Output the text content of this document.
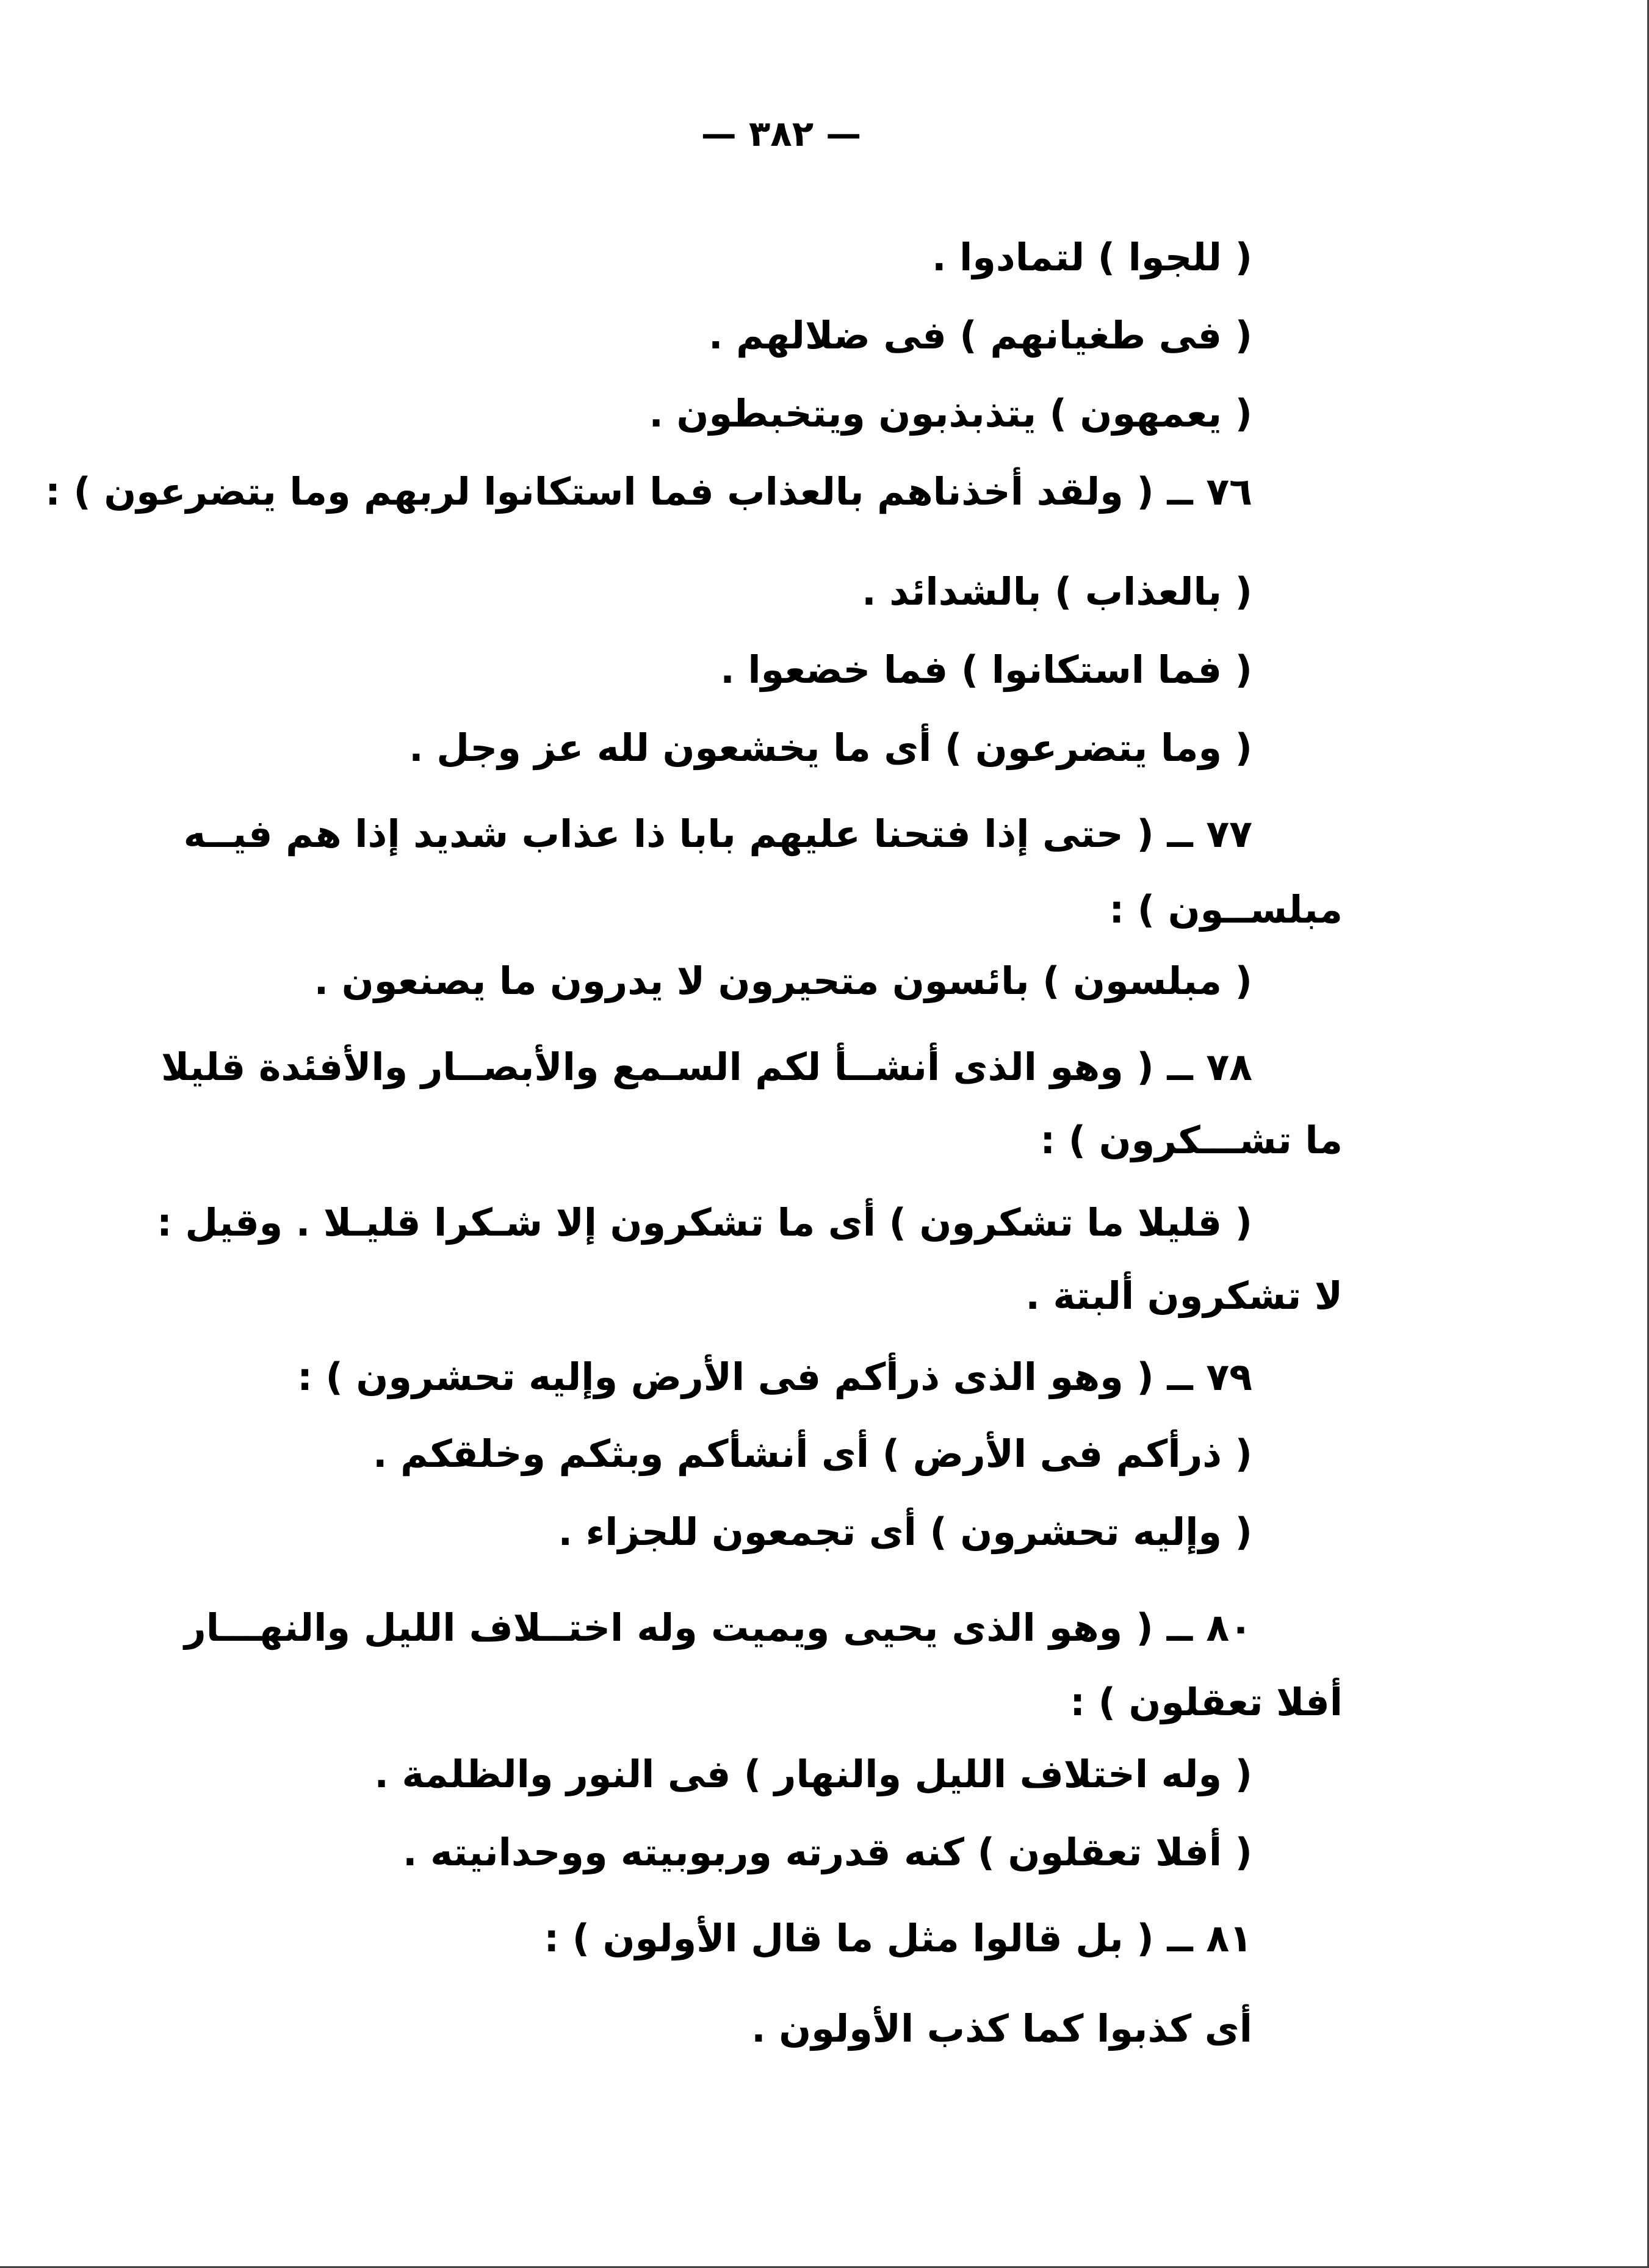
— ٣٨٢ —
( للجوا ) لتمادوا .
( فى طغيانهم ) فى ضلالهم .
( يعمهون ) يتذبذبون ويتخبطون .
٧٦ ــ ( ولقد أخذناهم بالعذاب فما استكانوا لربهم وما يتضرعون ) :
( بالعذاب ) بالشدائد .
( فما استكانوا ) فما خضعوا .
( وما يتضرعون ) أى ما يخشعون لله عز وجل .
٧٧ ــ ( حتى إذا فتحنا عليهم بابا ذا عذاب شديد إذا هم فيــه
مبلســون ) :
( مبلسون ) بائسون متحيرون لا يدرون ما يصنعون .
٧٨ ــ ( وهو الذى أنشــأ لكم السـمع والأبصــار والأفئدة قليلا
ما تشـــكرون ) :
( قليلا ما تشكرون ) أى ما تشكرون إلا شـكرا قليـلا . وقيل :
لا تشكرون ألبتة .
٧٩ ــ ( وهو الذى ذرأكم فى الأرض وإليه تحشرون ) :
( ذرأكم فى الأرض ) أى أنشأكم وبثكم وخلقكم .
( وإليه تحشرون ) أى تجمعون للجزاء .
٨٠ ــ ( وهو الذى يحيى ويميت وله اختــلاف الليل والنهـــار
أفلا تعقلون ) :
( وله اختلاف الليل والنهار ) فى النور والظلمة .
( أفلا تعقلون ) كنه قدرته وربوبيته ووحدانيته .
٨١ ــ ( بل قالوا مثل ما قال الأولون ) :
أى كذبوا كما كذب الأولون .
